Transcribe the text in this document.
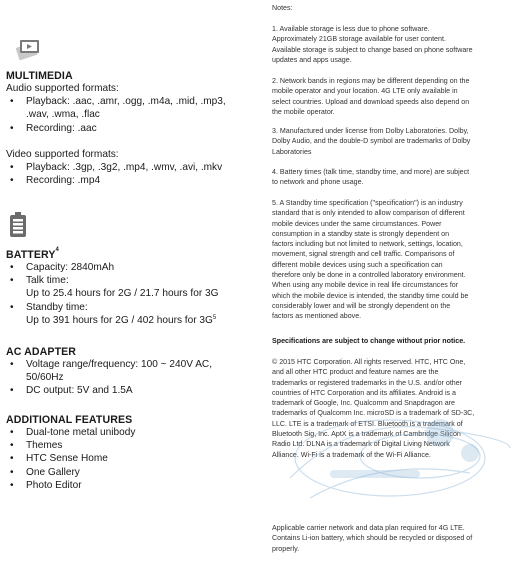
MULTIMEDIA
Audio supported formats:
• Playback: .aac, .amr, .ogg, .m4a, .mid, .mp3,
.wav, .wma, .flac
• Recording: .aac
Video supported formats:
• Playback: .3gp, .3g2, .mp4, .wmv, .avi, .mkv
• Recording: .mp4
BATTERY$^4$
• Capacity: 2840mAh
• Talk time:
Up to 25.4 hours for 2G / 21.7 hours for 3G
• Standby time:
Up to 391 hours for 2G / 402 hours for $3G^5$
AC ADAPTER
• Voltage range/frequency: 100 ~ 240V AC,
50/60Hz
• DC output: 5V and 1.5A
ADDITIONAL FEATURES
• Dual-tone metal unibody
• Themes
• HTC Sense Home
• One Gallery
• Photo Editor
Notes:
1. Available storage is less due to phone software.
Approximately 21GB storage available for user content.
Available storage is subject to change based on phone software
updates and apps usage.
2. Network bands in regions may be different depending on the
mobile operator and your location. 4G LTE only available in
select countries. Upload and download speeds also depend on
the mobile operator.
3. Manufactured under license from Dolby Laboratories. Dolby,
Dolby Audio, and the double-D symbol are trademarks of Dolby
Laboratories
4. Battery times (talk time, standby time, and more) are subject
to network and phone usage.
5. A Standby time specification ("specification") is an industry
standard that is only intended to allow comparison of different
mobile devices under the same circumstances. Power
consumption in a standby state is strongly dependent on
factors including but not limited to network, settings, location,
movement, signal strength and cell traffic. Comparisons of
different mobile devices using such a specification can
therefore only be done in a controlled laboratory environment.
When using any mobile device in real life circumstances for
which the mobile device is intended, the standby time could be
considerably lower and will be strongly dependent on the
factors as mentioned above.
Specifications are subject to change without prior notice.
© 2015 HTC Corporation. All rights reserved. HTC, HTC One,
and all other HTC product and feature names are the
trademarks or registered trademarks in the U.S. and/or other
countries of HTC Corporation and its affiliates. Android is a
trademark of Google, Inc. Qualcomm and Snapdragon are
trademarks of Qualcomm Inc. microSD is a trademark of SD-3C,
LLC. LTE is a trademark of ETSI. Bluetooth is a trademark of
Bluetooth Sig, Inc. AptX is a trademark of Cambridge Silicon
Radio Ltd. DLNA is a trademark of Digital Living Network
Alliance. Wi-Fi is a trademark of the Wi-Fi Alliance.
Applicable carrier network and data plan required for 4G LTE.
Contains Li-ion battery, which should be recycled or disposed of
properly.
